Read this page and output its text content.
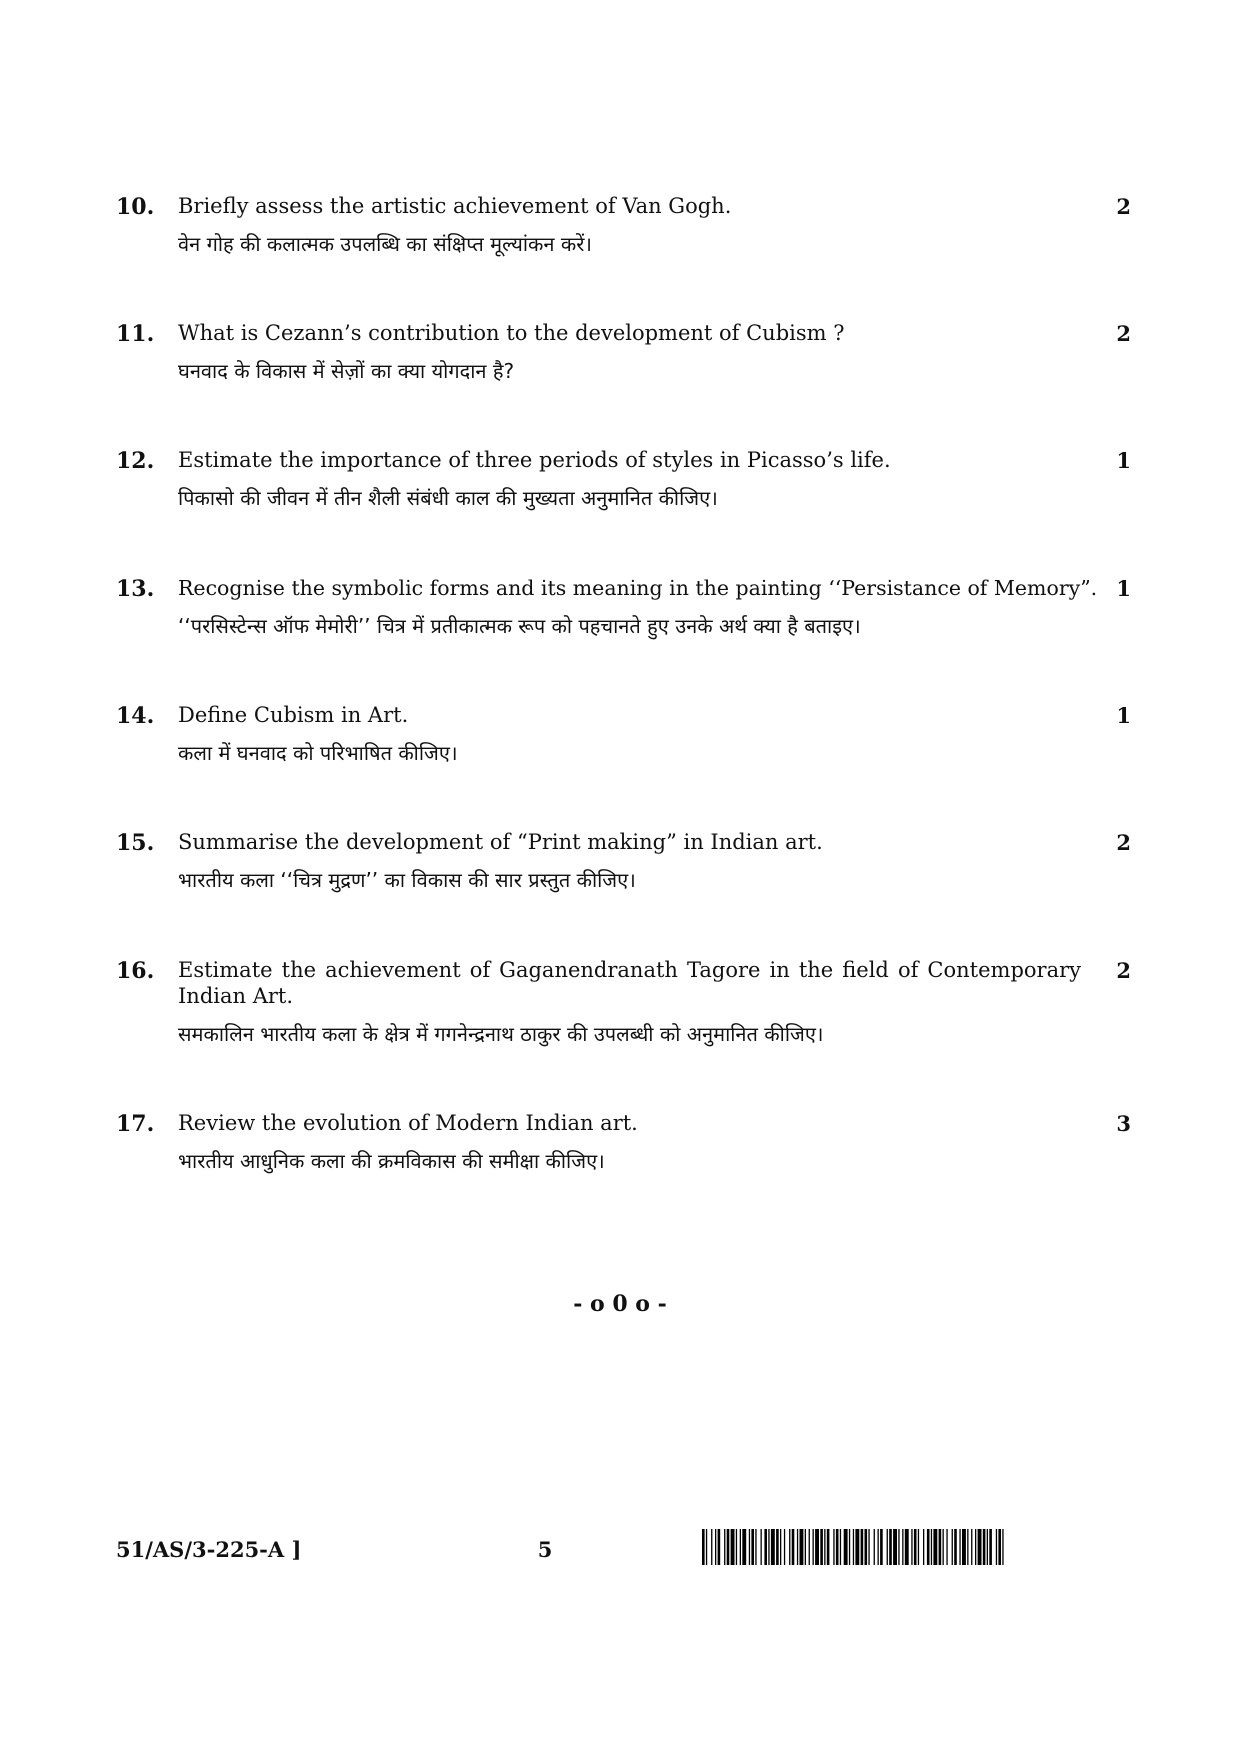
10.	2
Briefly assess the artistic achievement of Van Gogh.
वेन गोह की कलात्मक उपलब्धि का संक्षिप्त मूल्यांकन करें।
11.	2
What is Cezann’s contribution to the development of Cubism ?
घनवाद के विकास में सेज़ों का क्या योगदान है?
12.	1
Estimate the importance of three periods of styles in Picasso’s life.
पिकासो की जीवन में तीन शैली संबंधी काल की मुख्यता अनुमानित कीजिए।
13.	1
Recognise the symbolic forms and its meaning in the painting ‘‘Persistance of Memory”.
‘‘परसिस्टेन्स ऑफ मेमोरी’’ चित्र में प्रतीकात्मक रूप को पहचानते हुए उनके अर्थ क्या है बताइए।
14.	1
Define Cubism in Art.
कला में घनवाद को परिभाषित कीजिए।
15.	2
Summarise the development of “Print making” in Indian art.
भारतीय कला ‘‘चित्र मुद्रण’’ का विकास की सार प्रस्तुत कीजिए।
16.	2
Estimate the achievement of Gaganendranath Tagore in the field of Contemporary Indian Art.
समकालिन भारतीय कला के क्षेत्र में गगनेन्द्रनाथ ठाकुर की उपलब्धी को अनुमानित कीजिए।
17.	3
Review the evolution of Modern Indian art.
भारतीय आधुनिक कला की क्रमविकास की समीक्षा कीजिए।
- o 0 o -
51/AS/3-225-A ]	5
